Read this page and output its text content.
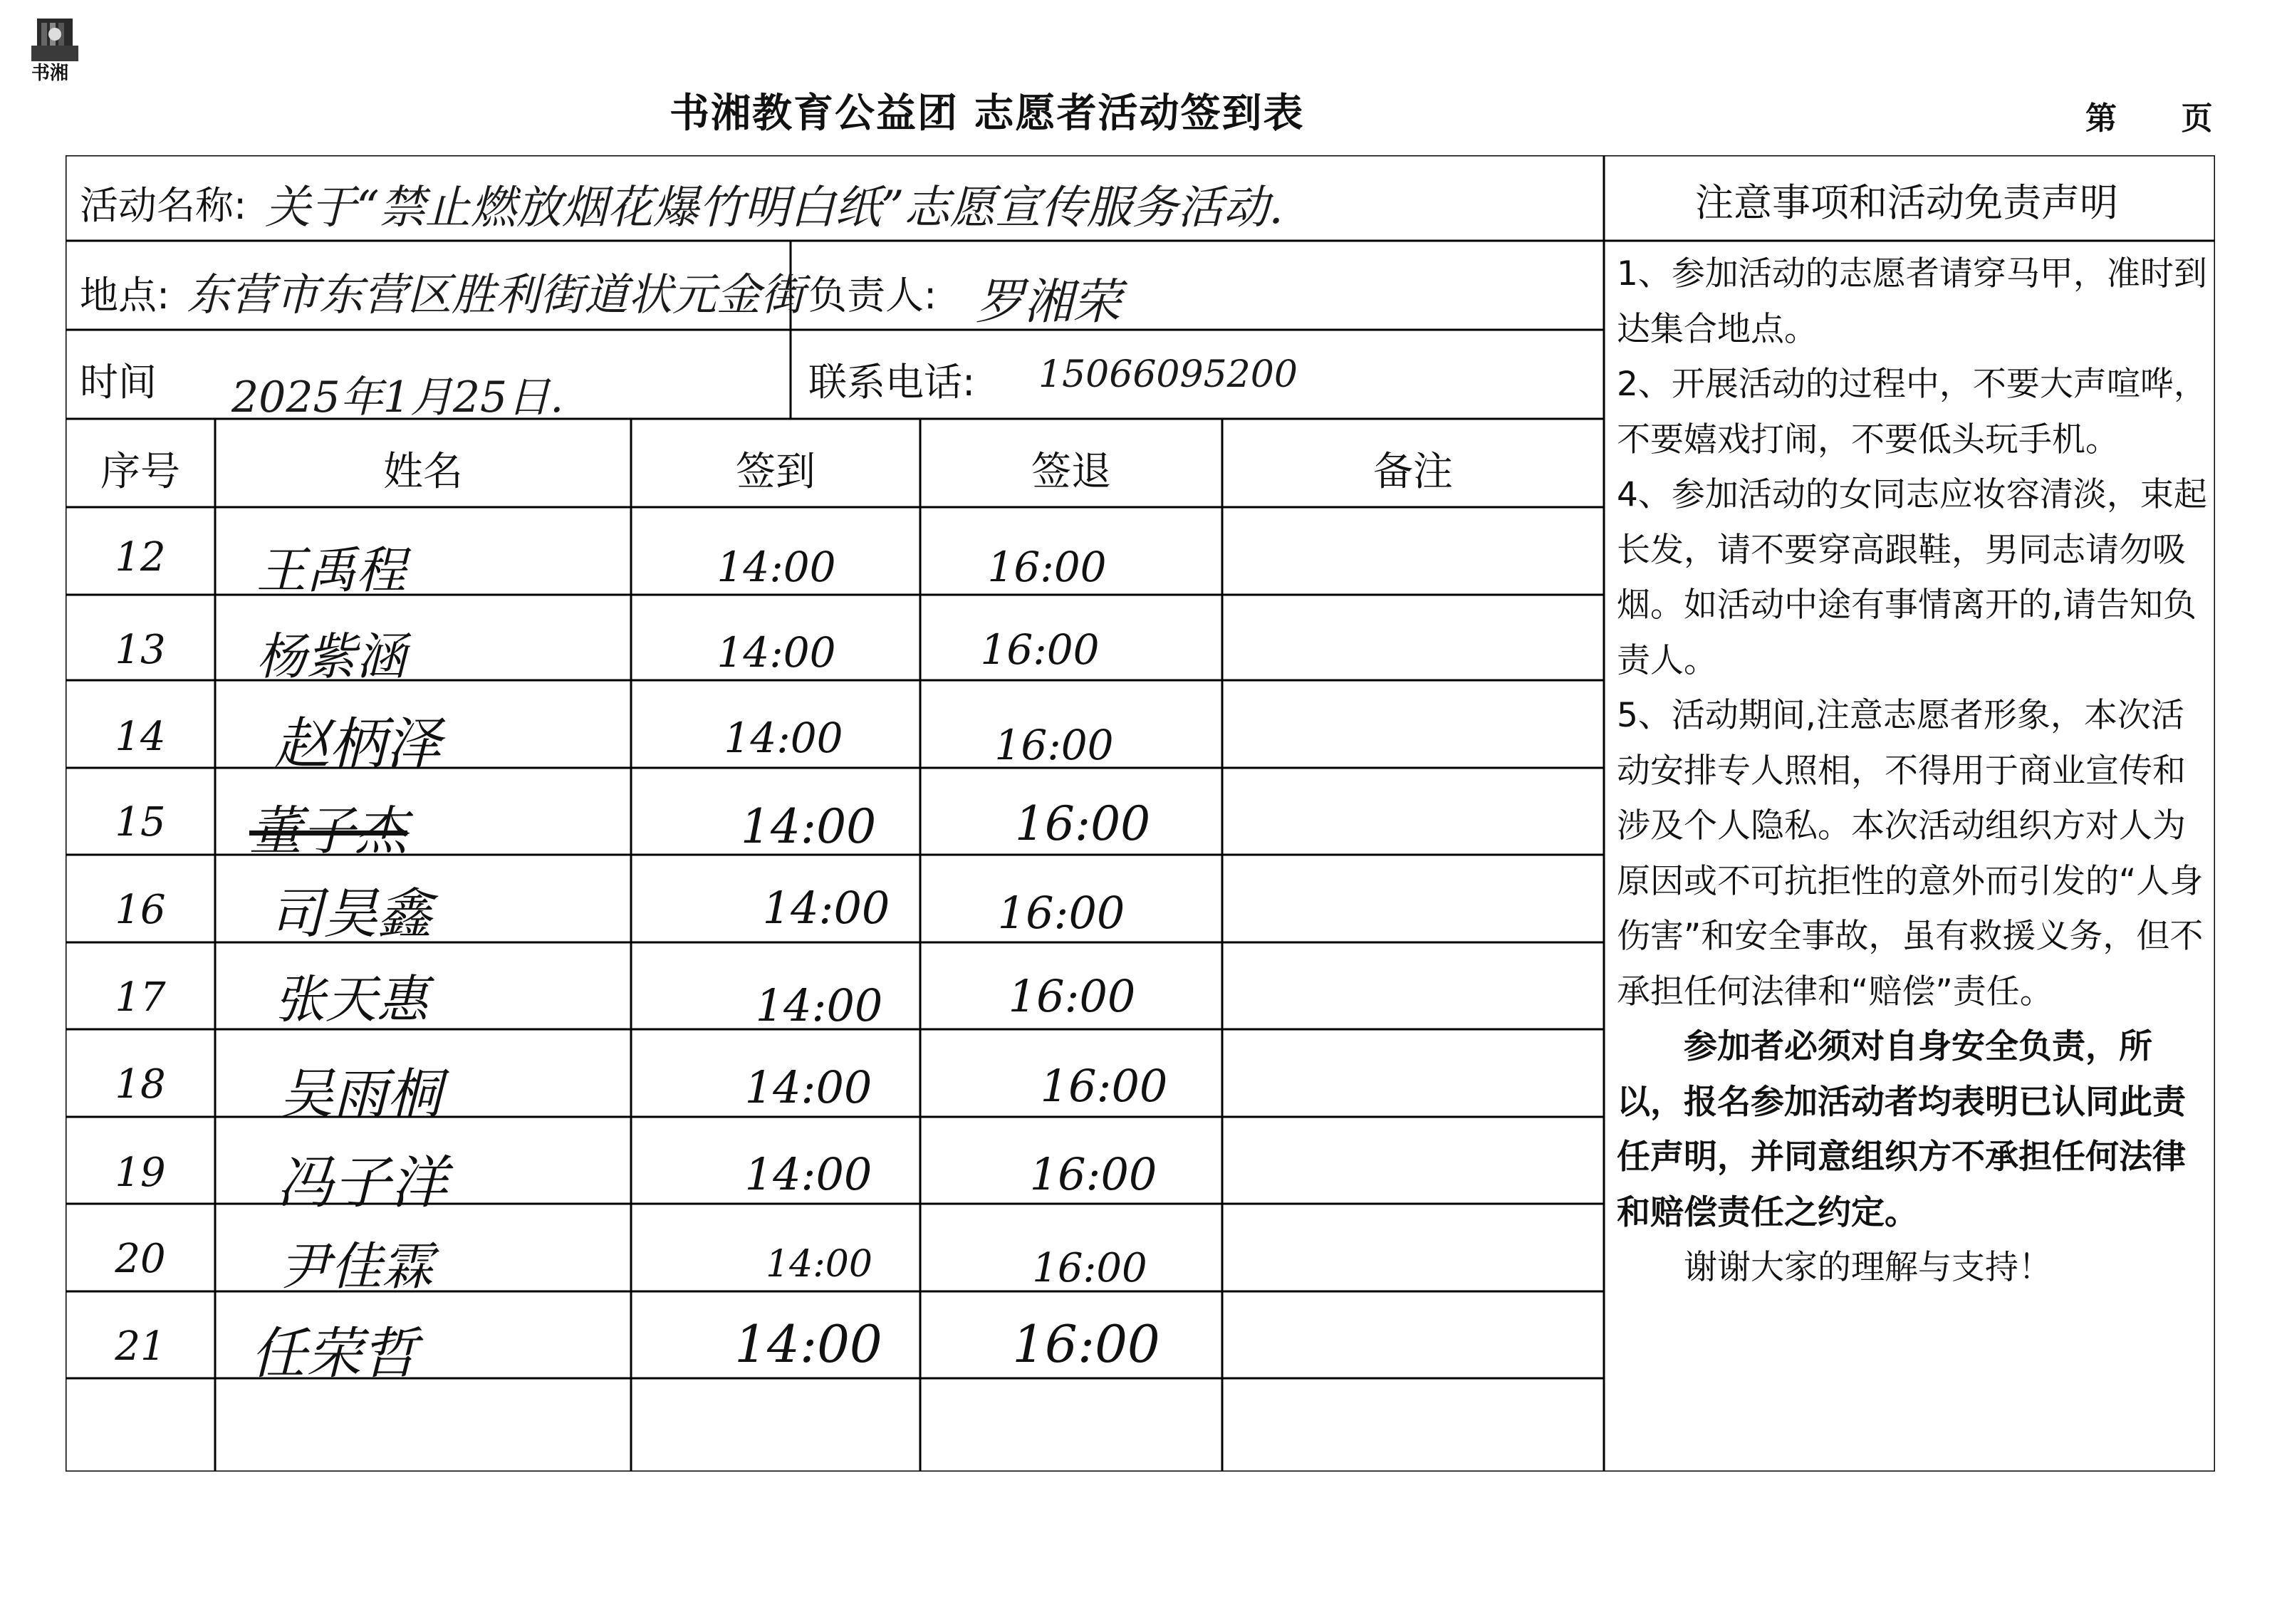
书湘
书湘教育公益团 志愿者活动签到表	第 页
活动名称: 关于“禁止燃放烟花爆竹明白纸”志愿宣传服务活动.
地点: 东营市东营区胜利街道状元金街 负责人: 罗湘荣
时间 2025年1月25日.	联系电话: 15066095200
序号	姓名	签到	签退	备注
12	王禹程	14:00	16:00
13	杨紫涵	14:00	16:00
14	赵柄泽	14:00	16:00
15	董子杰	14:00	16:00
16	司昊鑫	14:00	16:00
17	张天惠	14:00	16:00
18	吴雨桐	14:00	16:00
19	冯子洋	14:00	16:00
20	尹佳霖	14:00	16:00
21	任荣哲	14:00	16:00
注意事项和活动免责声明

1、参加活动的志愿者请穿马甲，准时到达集合地点。

2、开展活动的过程中，不要大声喧哗，不要嬉戏打闹，不要低头玩手机。

4、参加活动的女同志应妆容清淡，束起长发，请不要穿高跟鞋，男同志请勿吸烟。如活动中途有事情离开的,请告知负责人。

5、活动期间,注意志愿者形象，本次活动安排专人照相，不得用于商业宣传和涉及个人隐私。本次活动组织方对人为原因或不可抗拒性的意外而引发的“人身伤害”和安全事故，虽有救援义务，但不承担任何法律和“赔偿”责任。

参加者必须对自身安全负责，所以，报名参加活动者均表明已认同此责任声明，并同意组织方不承担任何法律和赔偿责任之约定。

谢谢大家的理解与支持！
